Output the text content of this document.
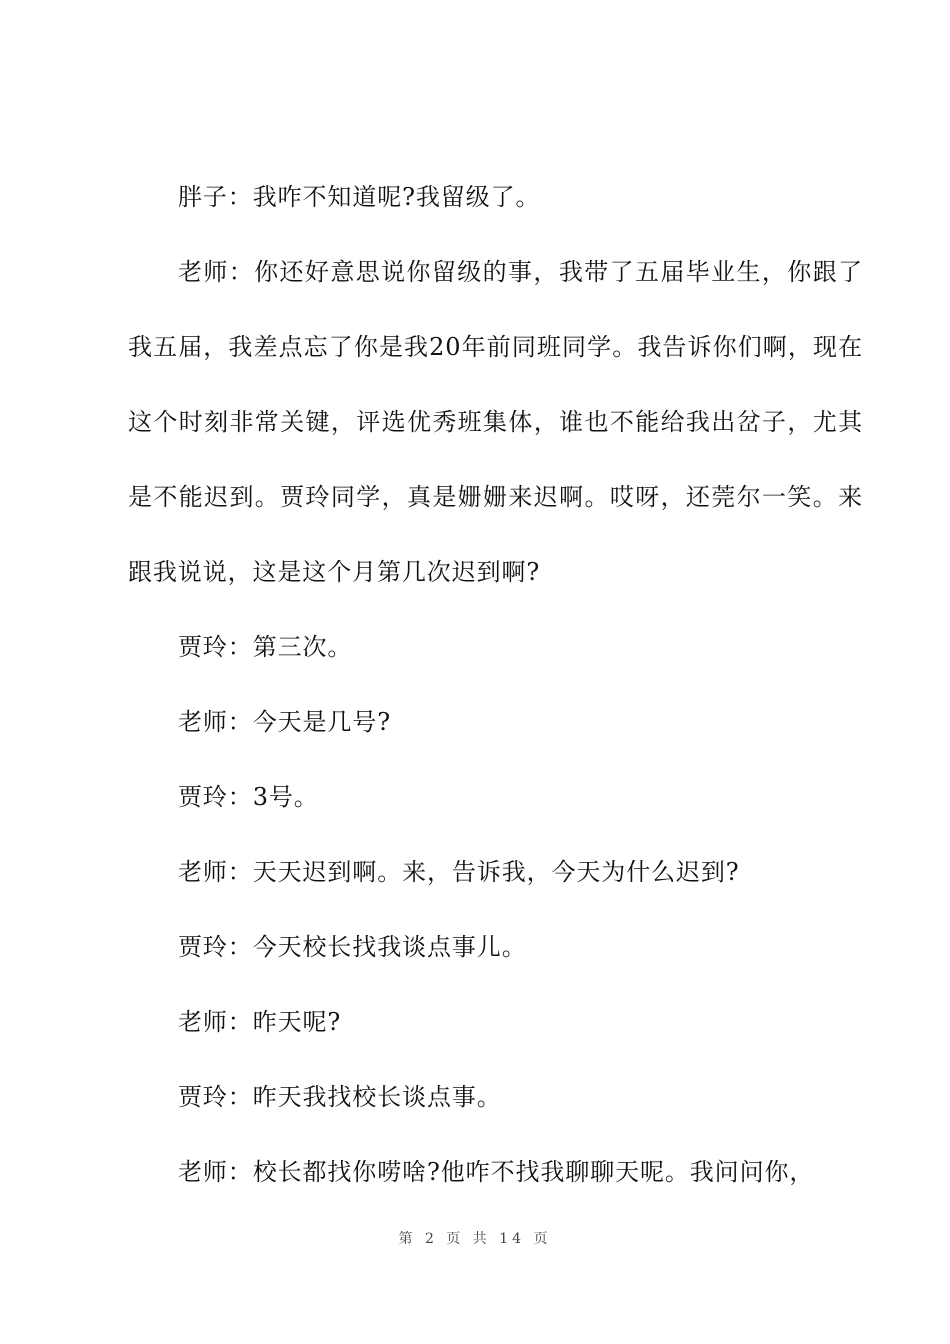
胖子：我咋不知道呢?我留级了。

老师：你还好意思说你留级的事，我带了五届毕业生，你跟了我五届，我差点忘了你是我20年前同班同学。我告诉你们啊，现在这个时刻非常关键，评选优秀班集体，谁也不能给我出岔子，尤其是不能迟到。贾玲同学，真是姗姗来迟啊。哎呀，还莞尔一笑。来跟我说说，这是这个月第几次迟到啊?

贾玲：第三次。

老师：今天是几号?

贾玲：3号。

老师：天天迟到啊。来，告诉我，今天为什么迟到?

贾玲：今天校长找我谈点事儿。

老师：昨天呢?

贾玲：昨天我找校长谈点事。

老师：校长都找你唠啥?他咋不找我聊聊天呢。我问问你，

第 2 页 共 14 页
